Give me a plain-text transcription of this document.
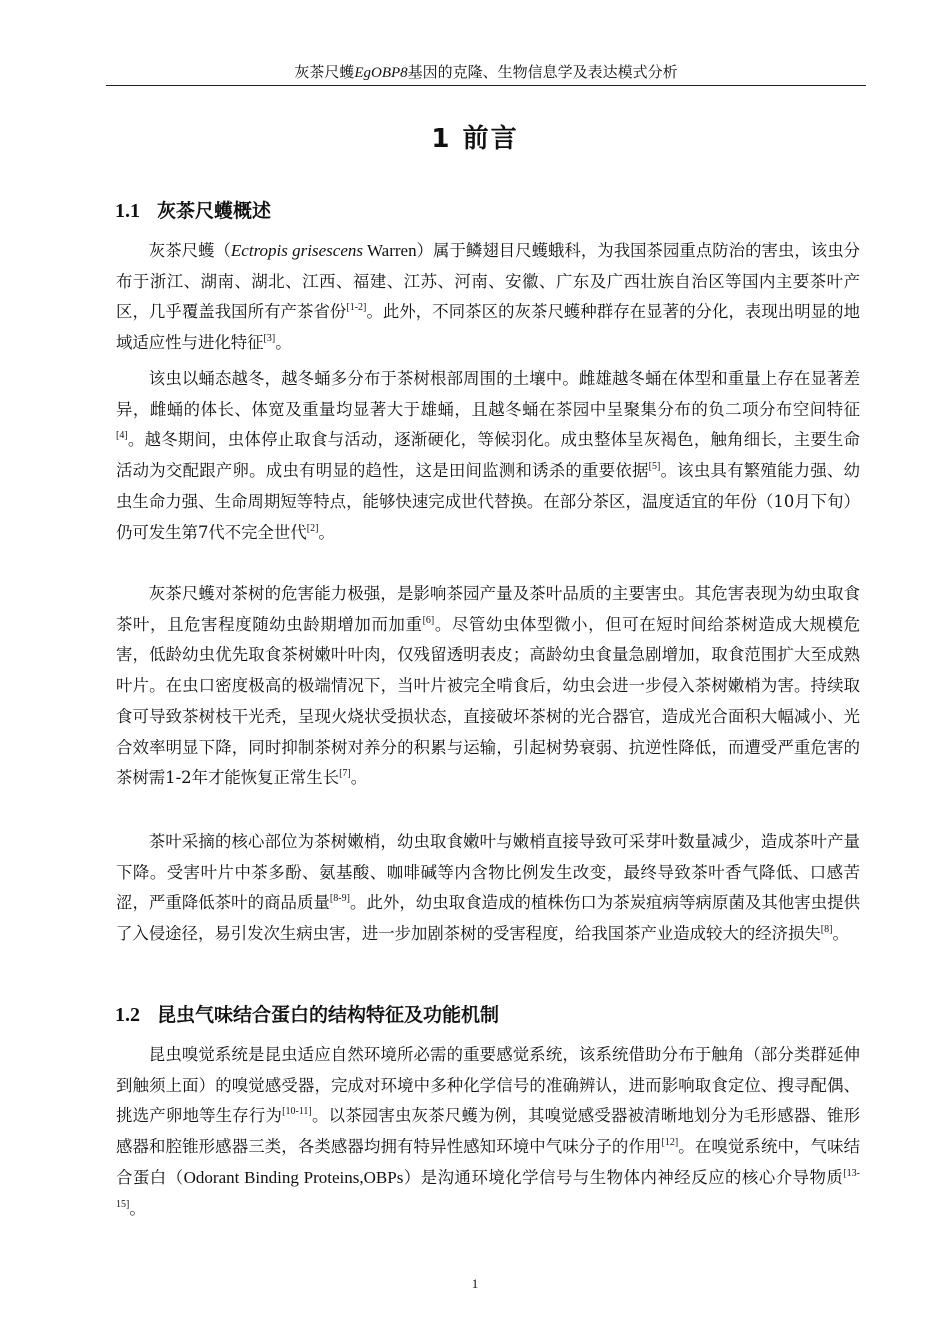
灰茶尺蠖EgOBP8基因的克隆、生物信息学及表达模式分析
1 前言
1.1 灰茶尺蠖概述

灰茶尺蠖（Ectropis grisescens Warren）属于鳞翅目尺蠖蛾科，为我国茶园重点防治的害虫，该虫分布于浙江、湖南、湖北、江西、福建、江苏、河南、安徽、广东及广西壮族自治区等国内主要茶叶产区，几乎覆盖我国所有产茶省份[1-2]。此外，不同茶区的灰茶尺蠖种群存在显著的分化，表现出明显的地域适应性与进化特征[3]。

该虫以蛹态越冬，越冬蛹多分布于茶树根部周围的土壤中。雌雄越冬蛹在体型和重量上存在显著差异，雌蛹的体长、体宽及重量均显著大于雄蛹，且越冬蛹在茶园中呈聚集分布的负二项分布空间特征[4]。越冬期间，虫体停止取食与活动，逐渐硬化，等候羽化。成虫整体呈灰褐色，触角细长，主要生命活动为交配跟产卵。成虫有明显的趋性，这是田间监测和诱杀的重要依据[5]。该虫具有繁殖能力强、幼虫生命力强、生命周期短等特点，能够快速完成世代替换。在部分茶区，温度适宜的年份（10月下旬）仍可发生第7代不完全世代[2]。

灰茶尺蠖对茶树的危害能力极强，是影响茶园产量及茶叶品质的主要害虫。其危害表现为幼虫取食茶叶，且危害程度随幼虫龄期增加而加重[6]。尽管幼虫体型微小，但可在短时间给茶树造成大规模危害，低龄幼虫优先取食茶树嫩叶叶肉，仅残留透明表皮；高龄幼虫食量急剧增加，取食范围扩大至成熟叶片。在虫口密度极高的极端情况下，当叶片被完全啃食后，幼虫会进一步侵入茶树嫩梢为害。持续取食可导致茶树枝干光秃，呈现火烧状受损状态，直接破坏茶树的光合器官，造成光合面积大幅减小、光合效率明显下降，同时抑制茶树对养分的积累与运输，引起树势衰弱、抗逆性降低，而遭受严重危害的茶树需1-2年才能恢复正常生长[7]。

茶叶采摘的核心部位为茶树嫩梢，幼虫取食嫩叶与嫩梢直接导致可采芽叶数量减少，造成茶叶产量下降。受害叶片中茶多酚、氨基酸、咖啡碱等内含物比例发生改变，最终导致茶叶香气降低、口感苦涩，严重降低茶叶的商品质量[8-9]。此外，幼虫取食造成的植株伤口为茶炭疽病等病原菌及其他害虫提供了入侵途径，易引发次生病虫害，进一步加剧茶树的受害程度，给我国茶产业造成较大的经济损失[8]。

1.2 昆虫气味结合蛋白的结构特征及功能机制

昆虫嗅觉系统是昆虫适应自然环境所必需的重要感觉系统，该系统借助分布于触角（部分类群延伸到触须上面）的嗅觉感受器，完成对环境中多种化学信号的准确辨认，进而影响取食定位、搜寻配偶、挑选产卵地等生存行为[10-11]。以茶园害虫灰茶尺蠖为例，其嗅觉感受器被清晰地划分为毛形感器、锥形感器和腔锥形感器三类，各类感器均拥有特异性感知环境中气味分子的作用[12]。在嗅觉系统中，气味结合蛋白（Odorant Binding Proteins,OBPs）是沟通环境化学信号与生物体内神经反应的核心介导物质[13-15]。

1
